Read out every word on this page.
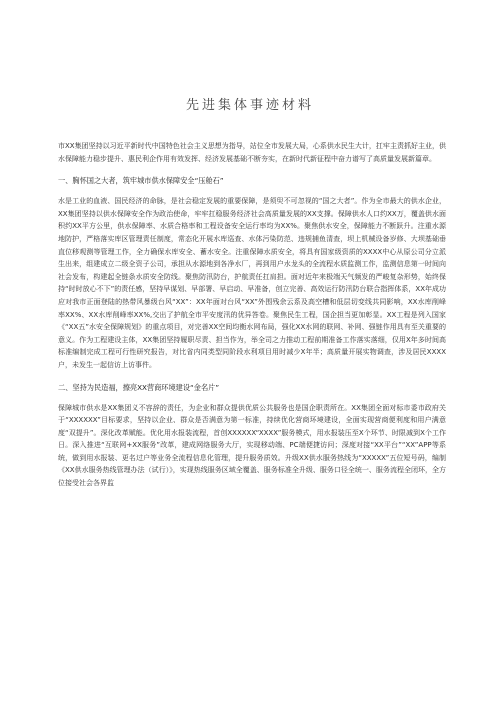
先进集体事迹材料

市XX集团坚持以习近平新时代中国特色社会主义思想为指导，站位全市发展大局，心系供水民生大计，扛牢主责抓好主业，供水保障能力稳步提升、惠民利企作用有效发挥、经济发展基础不断夯实，在新时代新征程中奋力谱写了高质量发展新篇章。

一、胸怀国之大者，筑牢城市供水保障安全“压舱石”

水是工业的血液、国民经济的命脉，是社会稳定发展的重要保障，是须臾不可忽视的“国之大者”。作为全市最大的供水企业，XX集团坚持以供水保障安全作为政治使命，牢牢扛稳服务经济社会高质量发展的XX支撑。保障供水人口约XX万，覆盖供水面积约XX平方公里，供水保障率、水质合格率和工程设备安全运行率均为XX%。聚焦供水安全，保障能力不断跃升。注重水源地防护，严格落实库区管理责任制度，常态化开展水库巡查、水体污染防范、违规捕鱼清查，坝上机械设备岁修、大坝基础垂直位移观测等管理工作，全力确保水库安全、蓄水安全。注重保障水质安全，将具有国家级资质的XXXX中心从原公司分立派生出来，组建成立二级全资子公司，承担从水源地到各净水厂，再到用户水龙头的全流程水质监测工作，监测信息第一时间向社会发布，构建起全链条水质安全防线。聚焦防汛防台，护航责任扛肩担。面对近年来极端天气频发的严峻复杂形势，始终保持“时时放心不下”的责任感，坚持早谋划、早部署、早启动、早准备，创立完善、高效运行防汛防台联合指挥体系，XX年成功应对我市正面登陆的热带风暴级台风“XX”：XX年面对台风“XX”外围残余云系及高空槽和低层切变线共同影响，XX水库削峰率XX%、XX水库削峰率XX%,交出了护航全市平安度汛的优异答卷。聚焦民生工程，国企担当更加彰显。XX工程是列入国家《“XX五”水安全保障规划》的重点项目，对完善XX空间均衡水网布局，强化XX水网的联网、补网、强链作用具有至关重要的意义。作为工程建设主体，XX集团坚持履职尽责、担当作为，举全司之力推动工程前期准备工作落实落细，仅用X年多时间高标准编制完成工程可行性研究报告，对比省内同类型同阶段水利项目用时减少X年半；高质量开展实物调查，涉及居民XXXX户，未发生一起信访上访事件。

二、坚持为民造福，擦亮XX营商环境建设“金名片”

保障城市供水是XX集团义不容辞的责任，为企业和群众提供优质公共服务也是国企职责所在。XX集团全面对标市委市政府关于“XXXXXX”目标要求，坚持以企业、群众是否满意为第一标准，持续优化营商环境建设，全面实现营商便利度和用户满意度“双提升”。深化改革赋能。优化用水报装流程，首创XXXXXX“XXXX”服务模式，用水报装压至X个环节、时限减到X个工作日。深入推进“互联网+XX服务”改革，建成网络服务大厅，实现移动端、PC端便捷访问；深度对接“XX平台”“XX”APP等系统，做到用水报装、更名过户等业务全流程信息化管理，提升服务质效。升级XX供水服务热线为“XXXXX”五位短号码，编制《XX供水服务热线管理办法（试行）》，实现热线服务区域全覆盖、服务标准全升级、服务口径全统一、服务流程全闭环，全方位接受社会各界监
